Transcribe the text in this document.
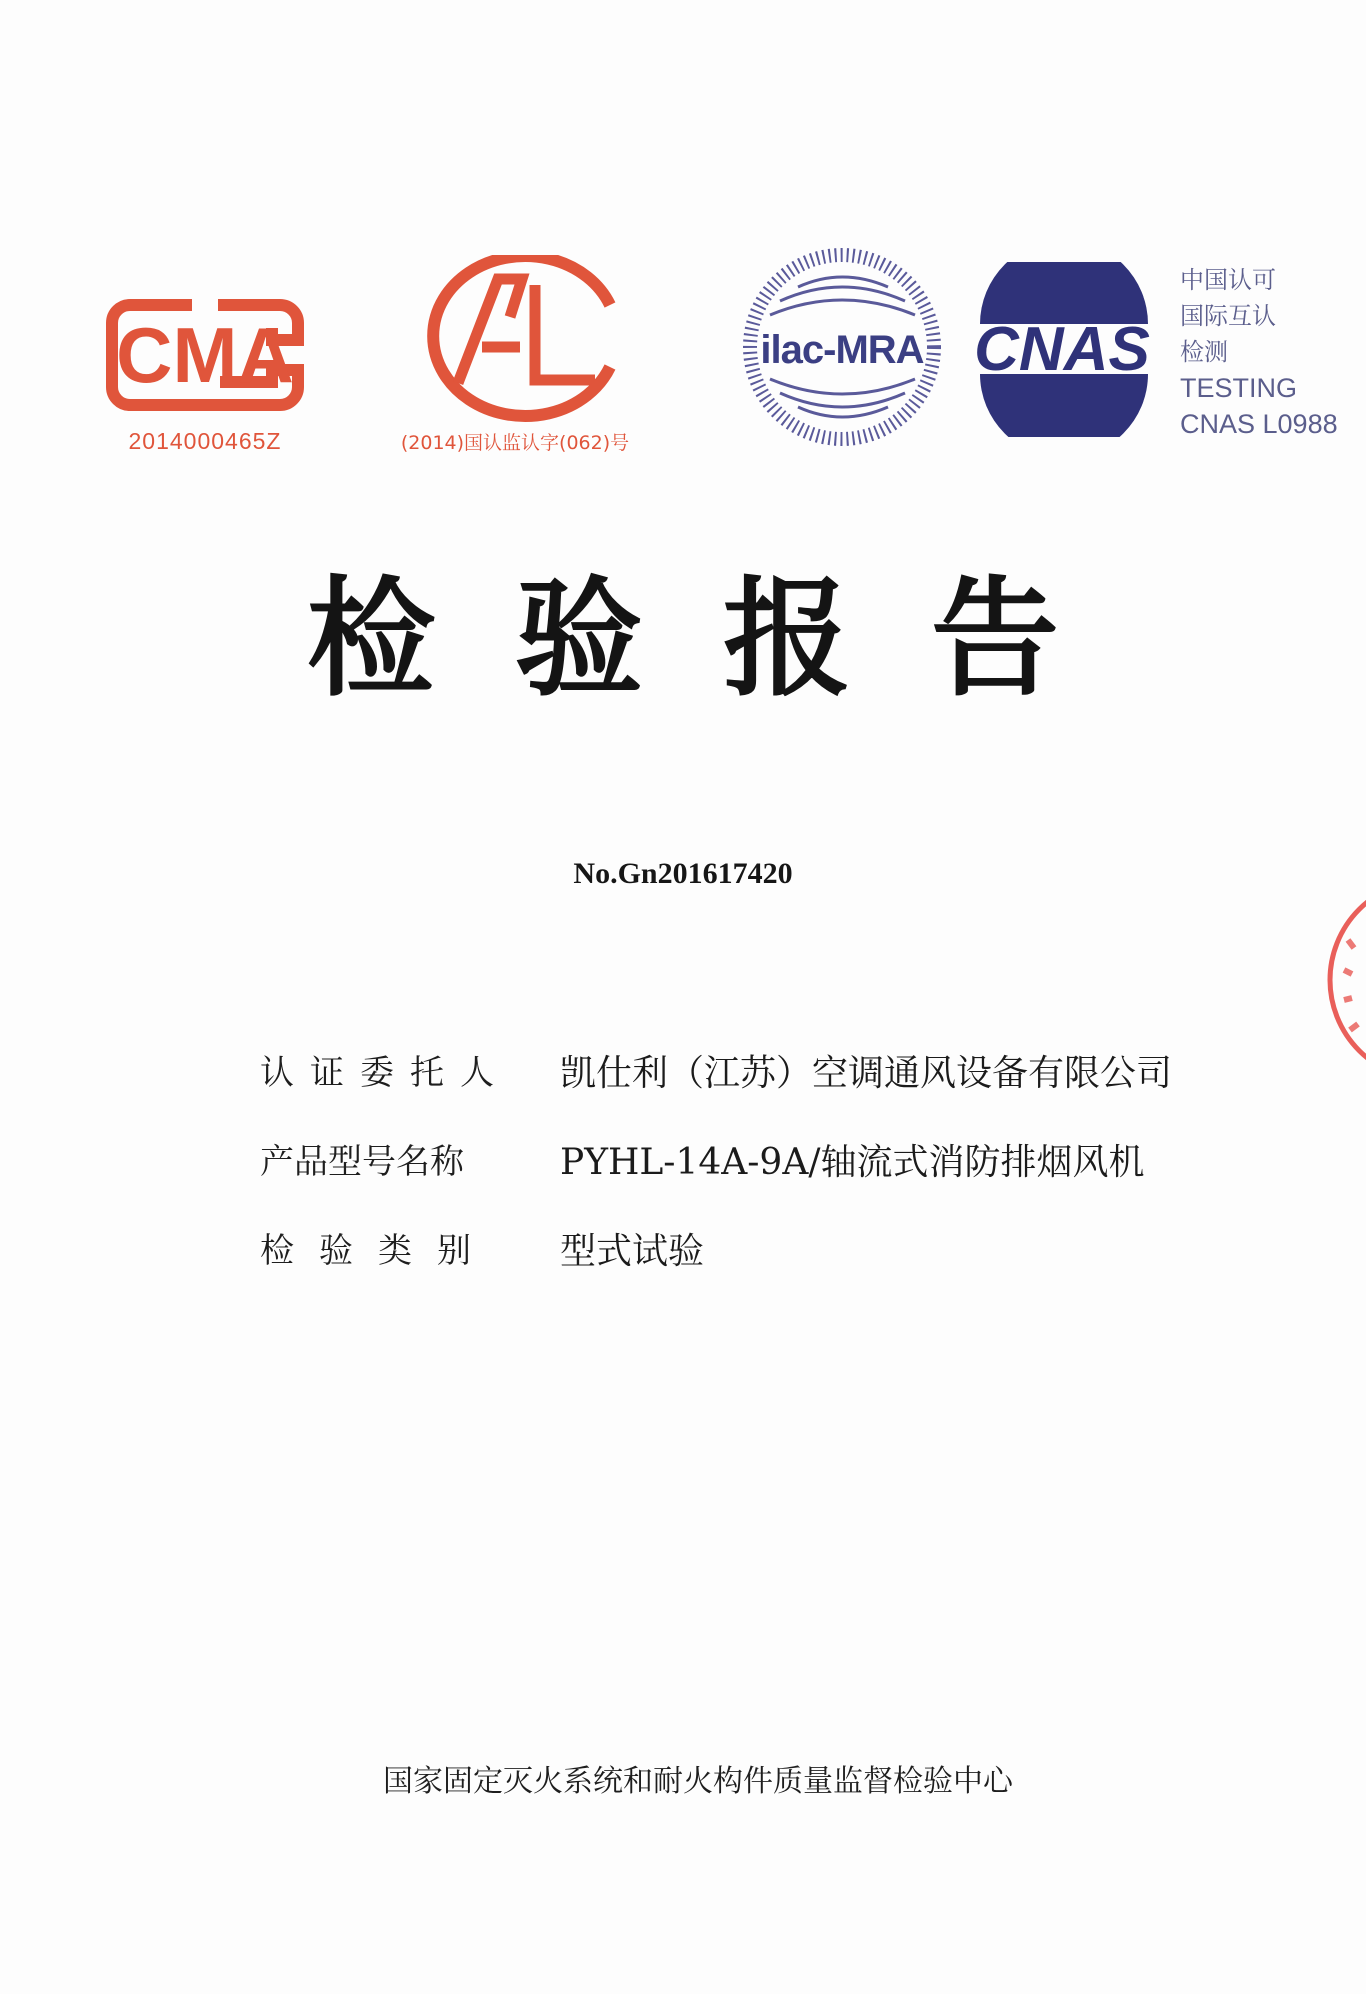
CMA
2014000465Z
CAL
(2014)国认监认字(062)号
ilac-MRA CNAS
中国认可
国际互认
检测
TESTING
CNAS L0988
检验报告
No.Gn201617420
认证委托人 凯仕利（江苏）空调通风设备有限公司
产品型号名称	PYHL-14A-9A/轴流式消防排烟风机
检验类别	型式试验
国家固定灭火系统和耐火构件质量监督检验中心
